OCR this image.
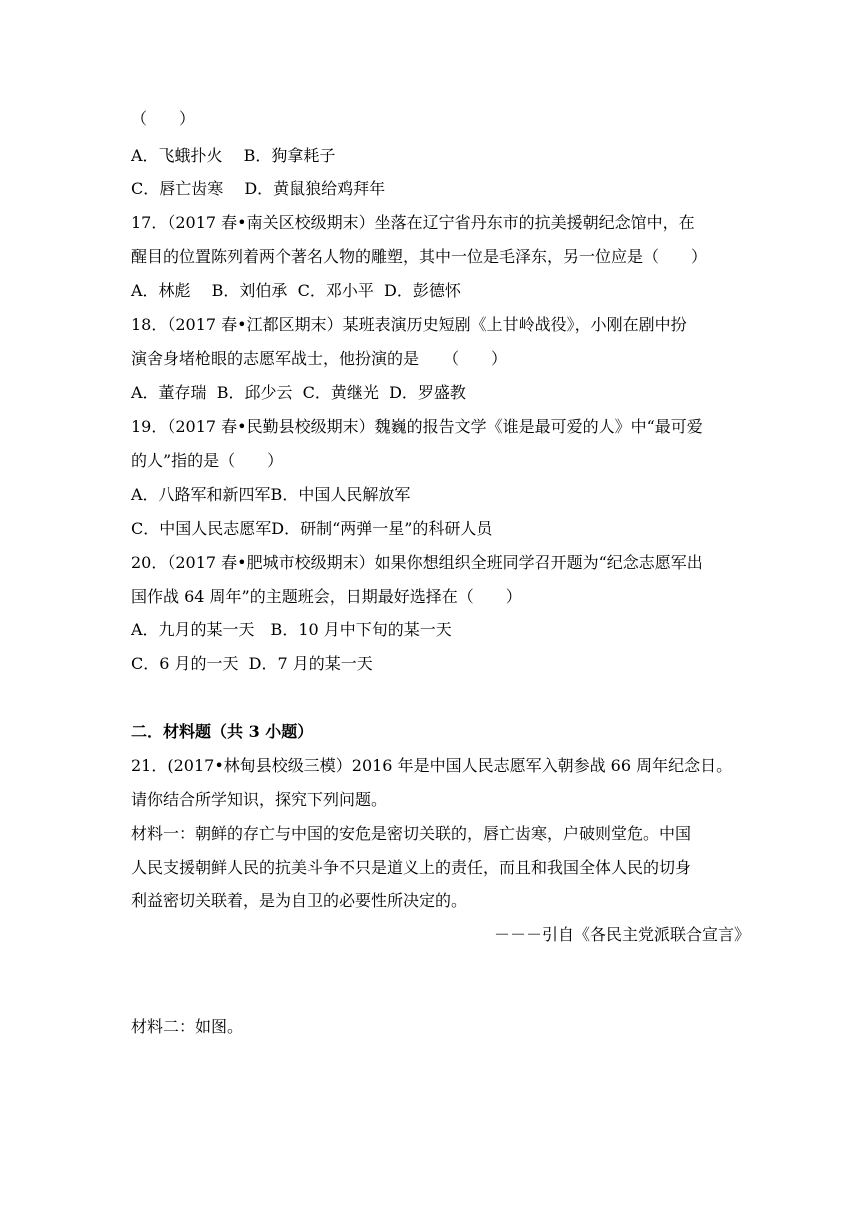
（　　）
A．飞蛾扑火　 B．狗拿耗子
C．唇亡齿寒　 D．黄鼠狼给鸡拜年
17．（2017 春•南关区校级期末）坐落在辽宁省丹东市的抗美援朝纪念馆中，在
醒目的位置陈列着两个著名人物的雕塑，其中一位是毛泽东，另一位应是（　　）
A．林彪　 B．刘伯承  C．邓小平  D．彭德怀
18．（2017 春•江都区期末）某班表演历史短剧《上甘岭战役》，小刚在剧中扮
演舍身堵枪眼的志愿军战士，他扮演的是　　（　　）
A．董存瑞  B．邱少云  C．黄继光  D．罗盛教
19．（2017 春•民勤县校级期末）魏巍的报告文学《谁是最可爱的人》中“最可爱
的人”指的是（　　）
A．八路军和新四军B．中国人民解放军
C．中国人民志愿军D．研制“两弹一星”的科研人员
20．（2017 春•肥城市校级期末）如果你想组织全班同学召开题为“纪念志愿军出
国作战 64 周年”的主题班会，日期最好选择在（　　）
A．九月的某一天　B．10 月中下旬的某一天
C．6 月的一天  D．7 月的某一天
二．材料题（共 3 小题）
21．(2017•林甸县校级三模）2016 年是中国人民志愿军入朝参战 66 周年纪念日。
请你结合所学知识，探究下列问题。
材料一：朝鲜的存亡与中国的安危是密切关联的，唇亡齿寒，户破则堂危。中国
人民支援朝鲜人民的抗美斗争不只是道义上的责任，而且和我国全体人民的切身
利益密切关联着，是为自卫的必要性所决定的。
－－－引自《各民主党派联合宣言》
材料二：如图。
